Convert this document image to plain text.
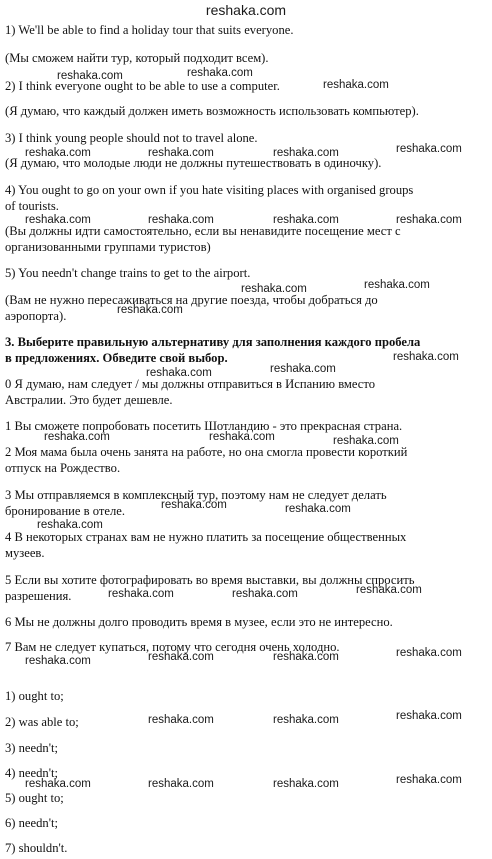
reshaka.com
1) We'll be able to find a holiday tour that suits everyone.
(Мы сможем найти тур, который подходит всем).
2) I think everyone ought to be able to use a computer.
(Я думаю, что каждый должен иметь возможность использовать компьютер).
3) I think young people should not to travel alone.
(Я думаю, что молодые люди не должны путешествовать в одиночку).
4) You ought to go on your own if you hate visiting places with organised groups
of tourists.
(Вы должны идти самостоятельно, если вы ненавидите посещение мест с
организованными группами туристов)
5) You needn't change trains to get to the airport.
(Вам не нужно пересаживаться на другие поезда, чтобы добраться до
аэропорта).
3. Выберите правильную альтернативу для заполнения каждого пробела
в предложениях. Обведите свой выбор.
0 Я думаю, нам следует / мы должны отправиться в Испанию вместо
Австралии. Это будет дешевле.
1 Вы сможете попробовать посетить Шотландию - это прекрасная страна.
2 Моя мама была очень занята на работе, но она смогла провести короткий
отпуск на Рождество.
3 Мы отправляемся в комплексный тур, поэтому нам не следует делать
бронирование в отеле.
4 В некоторых странах вам не нужно платить за посещение общественных
музеев.
5 Если вы хотите фотографировать во время выставки, вы должны спросить
разрешения.
6 Мы не должны долго проводить время в музее, если это не интересно.
7 Вам не следует купаться, потому что сегодня очень холодно.
1) ought to;
2) was able to;
3) needn't;
4) needn't;
5) ought to;
6) needn't;
7) shouldn't.
reshaka.com	reshaka.com
reshaka.com
reshaka.com	reshaka.com	reshaka.com	reshaka.com
reshaka.com	reshaka.com	reshaka.com	reshaka.com
reshaka.com
reshaka.com
reshaka.com
reshaka.com
reshaka.com
reshaka.com
reshaka.com	reshaka.com	reshaka.com
reshaka.com	reshaka.com
reshaka.com
reshaka.com	reshaka.com	reshaka.com
reshaka.com	reshaka.com	reshaka.com	reshaka.com
reshaka.com	reshaka.com	reshaka.com
reshaka.com	reshaka.com	reshaka.com	reshaka.com
